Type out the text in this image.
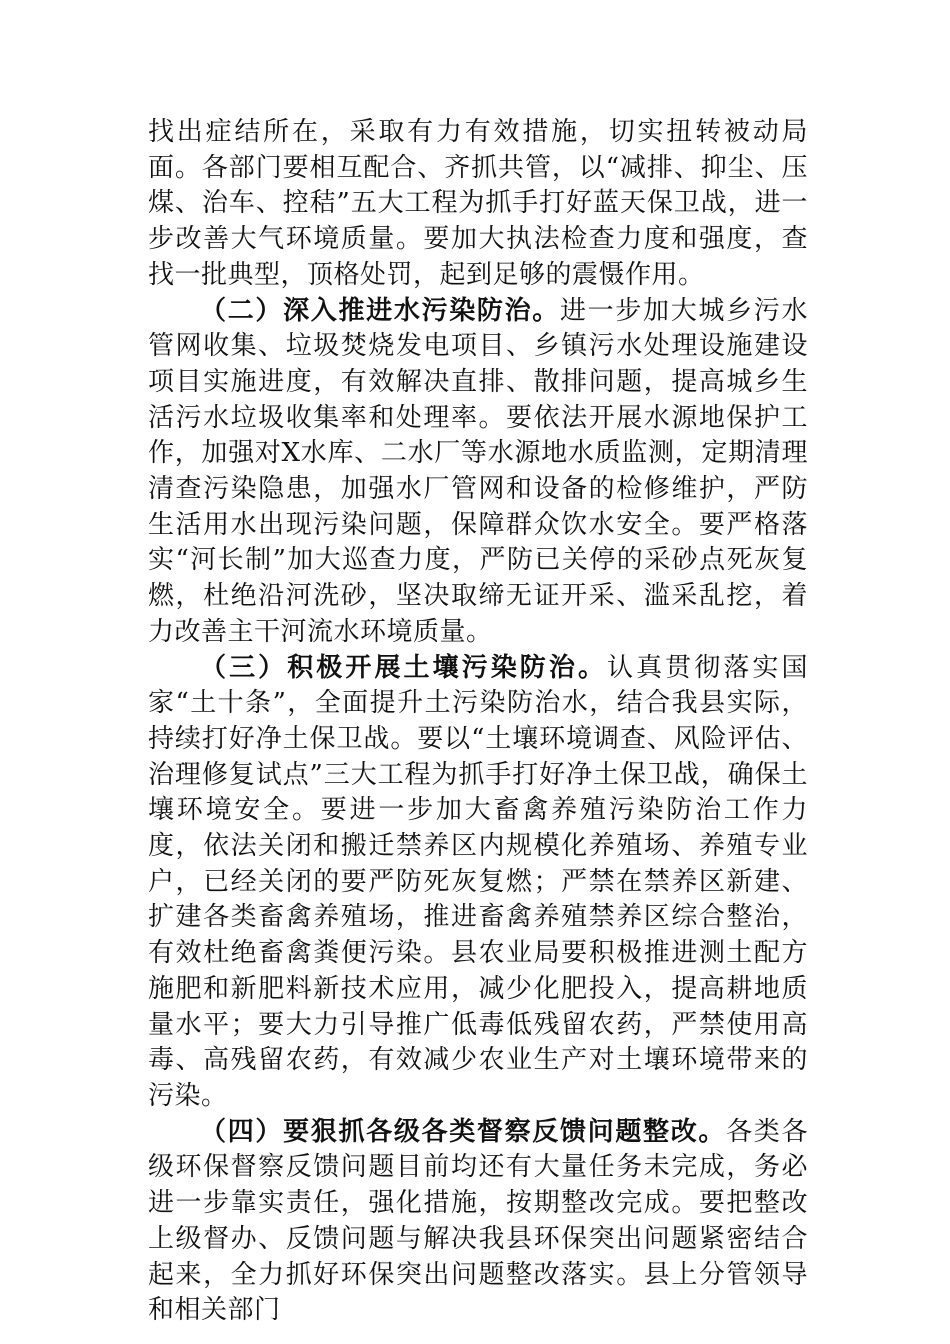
找出症结所在，采取有力有效措施，切实扭转被动局面。各部门要相互配合、齐抓共管，以“减排、抑尘、压煤、治车、控秸”五大工程为抓手打好蓝天保卫战，进一步改善大气环境质量。要加大执法检查力度和强度，查找一批典型，顶格处罚，起到足够的震慑作用。

（二）深入推进水污染防治。进一步加大城乡污水管网收集、垃圾焚烧发电项目、乡镇污水处理设施建设项目实施进度，有效解决直排、散排问题，提高城乡生活污水垃圾收集率和处理率。要依法开展水源地保护工作，加强对X水库、二水厂等水源地水质监测，定期清理清查污染隐患，加强水厂管网和设备的检修维护，严防生活用水出现污染问题，保障群众饮水安全。要严格落实“河长制”加大巡查力度，严防已关停的采砂点死灰复燃，杜绝沿河洗砂，坚决取缔无证开采、滥采乱挖，着力改善主干河流水环境质量。

（三）积极开展土壤污染防治。认真贯彻落实国家“土十条”，全面提升土污染防治水，结合我县实际，持续打好净土保卫战。要以“土壤环境调查、风险评估、治理修复试点”三大工程为抓手打好净土保卫战，确保土壤环境安全。要进一步加大畜禽养殖污染防治工作力度，依法关闭和搬迁禁养区内规模化养殖场、养殖专业户，已经关闭的要严防死灰复燃；严禁在禁养区新建、扩建各类畜禽养殖场，推进畜禽养殖禁养区综合整治，有效杜绝畜禽粪便污染。县农业局要积极推进测土配方施肥和新肥料新技术应用，减少化肥投入，提高耕地质量水平；要大力引导推广低毒低残留农药，严禁使用高毒、高残留农药，有效减少农业生产对土壤环境带来的污染。

（四）要狠抓各级各类督察反馈问题整改。各类各级环保督察反馈问题目前均还有大量任务未完成，务必进一步靠实责任，强化措施，按期整改完成。要把整改上级督办、反馈问题与解决我县环保突出问题紧密结合起来，全力抓好环保突出问题整改落实。县上分管领导和相关部门
